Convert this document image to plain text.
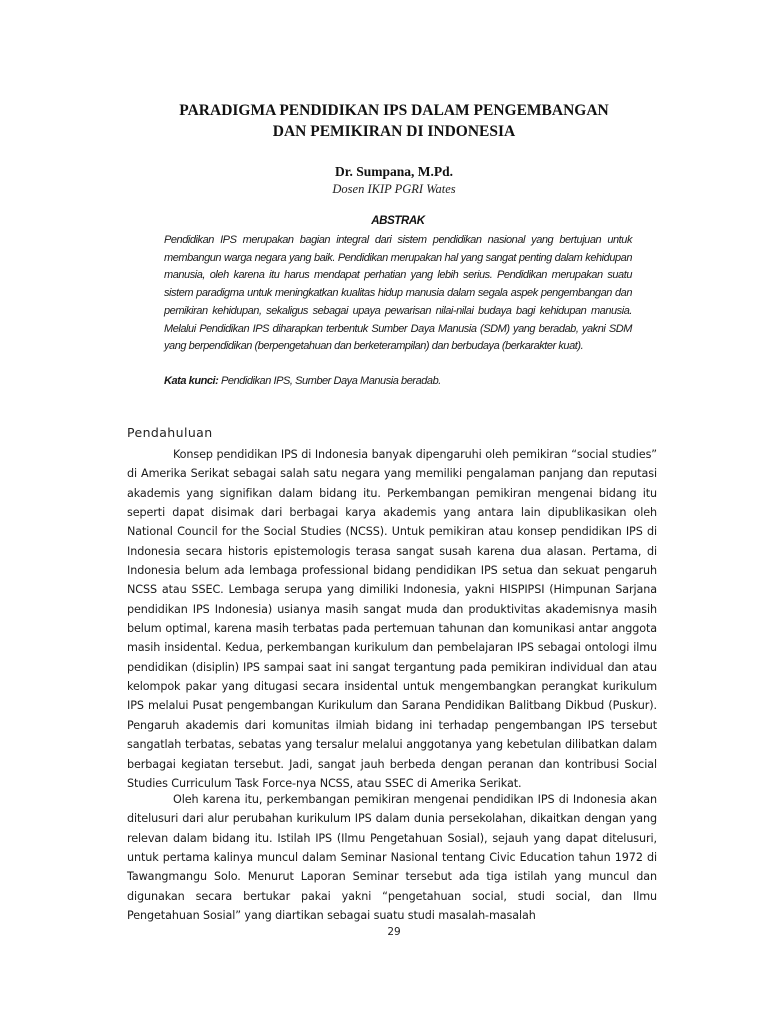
PARADIGMA PENDIDIKAN IPS DALAM PENGEMBANGAN
DAN PEMIKIRAN DI INDONESIA

Dr. Sumpana, M.Pd.

Dosen IKIP PGRI Wates

ABSTRAK

Pendidikan IPS merupakan bagian integral dari sistem pendidikan nasional yang bertujuan untuk membangun warga negara yang baik. Pendidikan merupakan hal yang sangat penting dalam kehidupan manusia, oleh karena itu harus mendapat perhatian yang lebih serius. Pendidikan merupakan suatu sistem paradigma untuk meningkatkan kualitas hidup manusia dalam segala aspek pengembangan dan pemikiran kehidupan, sekaligus sebagai upaya pewarisan nilai-nilai budaya bagi kehidupan manusia. Melalui Pendidikan IPS diharapkan terbentuk Sumber Daya Manusia (SDM) yang beradab, yakni SDM yang berpendidikan (berpengetahuan dan berketerampilan) dan berbudaya (berkarakter kuat).

Kata kunci: Pendidikan IPS, Sumber Daya Manusia beradab.

Pendahuluan

Konsep pendidikan IPS di Indonesia banyak dipengaruhi oleh pemikiran “social studies” di Amerika Serikat sebagai salah satu negara yang memiliki pengalaman panjang dan reputasi akademis yang signifikan dalam bidang itu. Perkembangan pemikiran mengenai bidang itu seperti dapat disimak dari berbagai karya akademis yang antara lain dipublikasikan oleh National Council for the Social Studies (NCSS). Untuk pemikiran atau konsep pendidikan IPS di Indonesia secara historis epistemologis terasa sangat susah karena dua alasan. Pertama, di Indonesia belum ada lembaga professional bidang pendidikan IPS setua dan sekuat pengaruh NCSS atau SSEC. Lembaga serupa yang dimiliki Indonesia, yakni HISPIPSI (Himpunan Sarjana pendidikan IPS Indonesia) usianya masih sangat muda dan produktivitas akademisnya masih belum optimal, karena masih terbatas pada pertemuan tahunan dan komunikasi antar anggota masih insidental. Kedua, perkembangan kurikulum dan pembelajaran IPS sebagai ontologi ilmu pendidikan (disiplin) IPS sampai saat ini sangat tergantung pada pemikiran individual dan atau kelompok pakar yang ditugasi secara insidental untuk mengembangkan perangkat kurikulum IPS melalui Pusat pengembangan Kurikulum dan Sarana Pendidikan Balitbang Dikbud (Puskur). Pengaruh akademis dari komunitas ilmiah bidang ini terhadap pengembangan IPS tersebut sangatlah terbatas, sebatas yang tersalur melalui anggotanya yang kebetulan dilibatkan dalam berbagai kegiatan tersebut. Jadi, sangat jauh berbeda dengan peranan dan kontribusi Social Studies Curriculum Task Force-nya NCSS, atau SSEC di Amerika Serikat.

Oleh karena itu, perkembangan pemikiran mengenai pendidikan IPS di Indonesia akan ditelusuri dari alur perubahan kurikulum IPS dalam dunia persekolahan, dikaitkan dengan yang relevan dalam bidang itu. Istilah IPS (Ilmu Pengetahuan Sosial), sejauh yang dapat ditelusuri, untuk pertama kalinya muncul dalam Seminar Nasional tentang Civic Education tahun 1972 di Tawangmangu Solo. Menurut Laporan Seminar tersebut ada tiga istilah yang muncul dan digunakan secara bertukar pakai yakni “pengetahuan social, studi social, dan Ilmu Pengetahuan Sosial” yang diartikan sebagai suatu studi masalah-masalah

29
